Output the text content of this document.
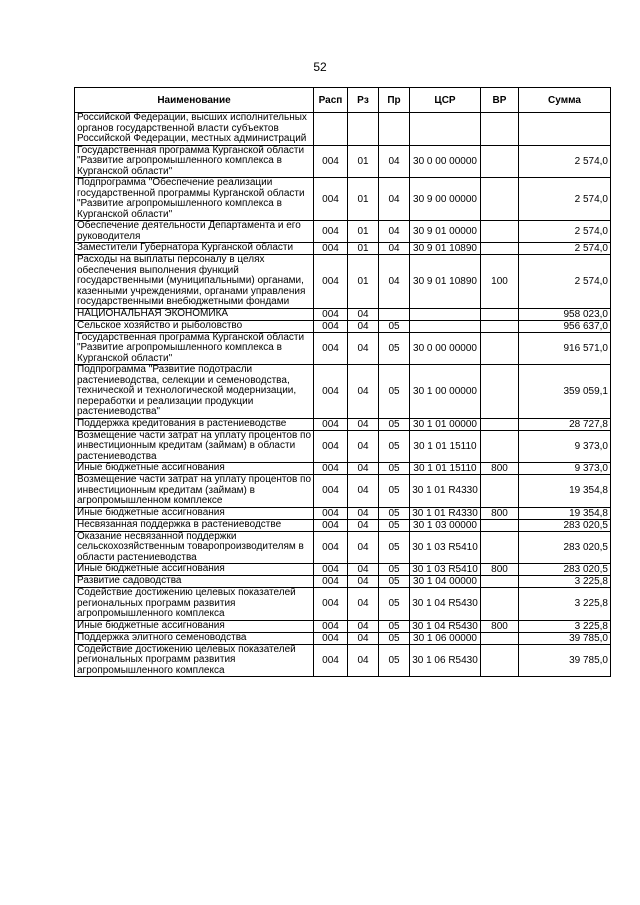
52
Наименование	Расп	Рз	Пр	ЦСР	ВР	Сумма
Российской Федерации, высших исполнительных органов государственной власти субъектов Российской Федерации, местных администраций						
Государственная программа Курганской области "Развитие агропромышленного комплекса в Курганской области"	004	01	04	30 0 00 00000		2 574,0
Подпрограмма "Обеспечение реализации государственной программы Курганской области "Развитие агропромышленного комплекса в Курганской области"	004	01	04	30 9 00 00000		2 574,0
Обеспечение деятельности Департамента и его руководителя	004	01	04	30 9 01 00000		2 574,0
Заместители Губернатора Курганской области	004	01	04	30 9 01 10890		2 574,0
Расходы на выплаты персоналу в целях обеспечения выполнения функций государственными (муниципальными) органами, казенными учреждениями, органами управления государственными внебюджетными фондами	004	01	04	30 9 01 10890	100	2 574,0
НАЦИОНАЛЬНАЯ ЭКОНОМИКА	004	04				958 023,0
Сельское хозяйство и рыболовство	004	04	05			956 637,0
Государственная программа Курганской области "Развитие агропромышленного комплекса в Курганской области"	004	04	05	30 0 00 00000		916 571,0
Подпрограмма "Развитие подотрасли растениеводства, селекции и семеноводства, технической и технологической модернизации, переработки и реализации продукции растениеводства"	004	04	05	30 1 00 00000		359 059,1
Поддержка кредитования в растениеводстве	004	04	05	30 1 01 00000		28 727,8
Возмещение части затрат на уплату процентов по инвестиционным кредитам (займам) в области растениеводства	004	04	05	30 1 01 15110		9 373,0
Иные бюджетные ассигнования	004	04	05	30 1 01 15110	800	9 373,0
Возмещение части затрат на уплату процентов по инвестиционным кредитам (займам) в агропромышленном комплексе	004	04	05	30 1 01 R4330		19 354,8
Иные бюджетные ассигнования	004	04	05	30 1 01 R4330	800	19 354,8
Несвязанная поддержка в растениеводстве	004	04	05	30 1 03 00000		283 020,5
Оказание несвязанной поддержки сельскохозяйственным товаропроизводителям в области растениеводства	004	04	05	30 1 03 R5410		283 020,5
Иные бюджетные ассигнования	004	04	05	30 1 03 R5410	800	283 020,5
Развитие садоводства	004	04	05	30 1 04 00000		3 225,8
Содействие достижению целевых показателей региональных программ развития агропромышленного комплекса	004	04	05	30 1 04 R5430		3 225,8
Иные бюджетные ассигнования	004	04	05	30 1 04 R5430	800	3 225,8
Поддержка элитного семеноводства	004	04	05	30 1 06 00000		39 785,0
Содействие достижению целевых показателей региональных программ развития агропромышленного комплекса	004	04	05	30 1 06 R5430		39 785,0
